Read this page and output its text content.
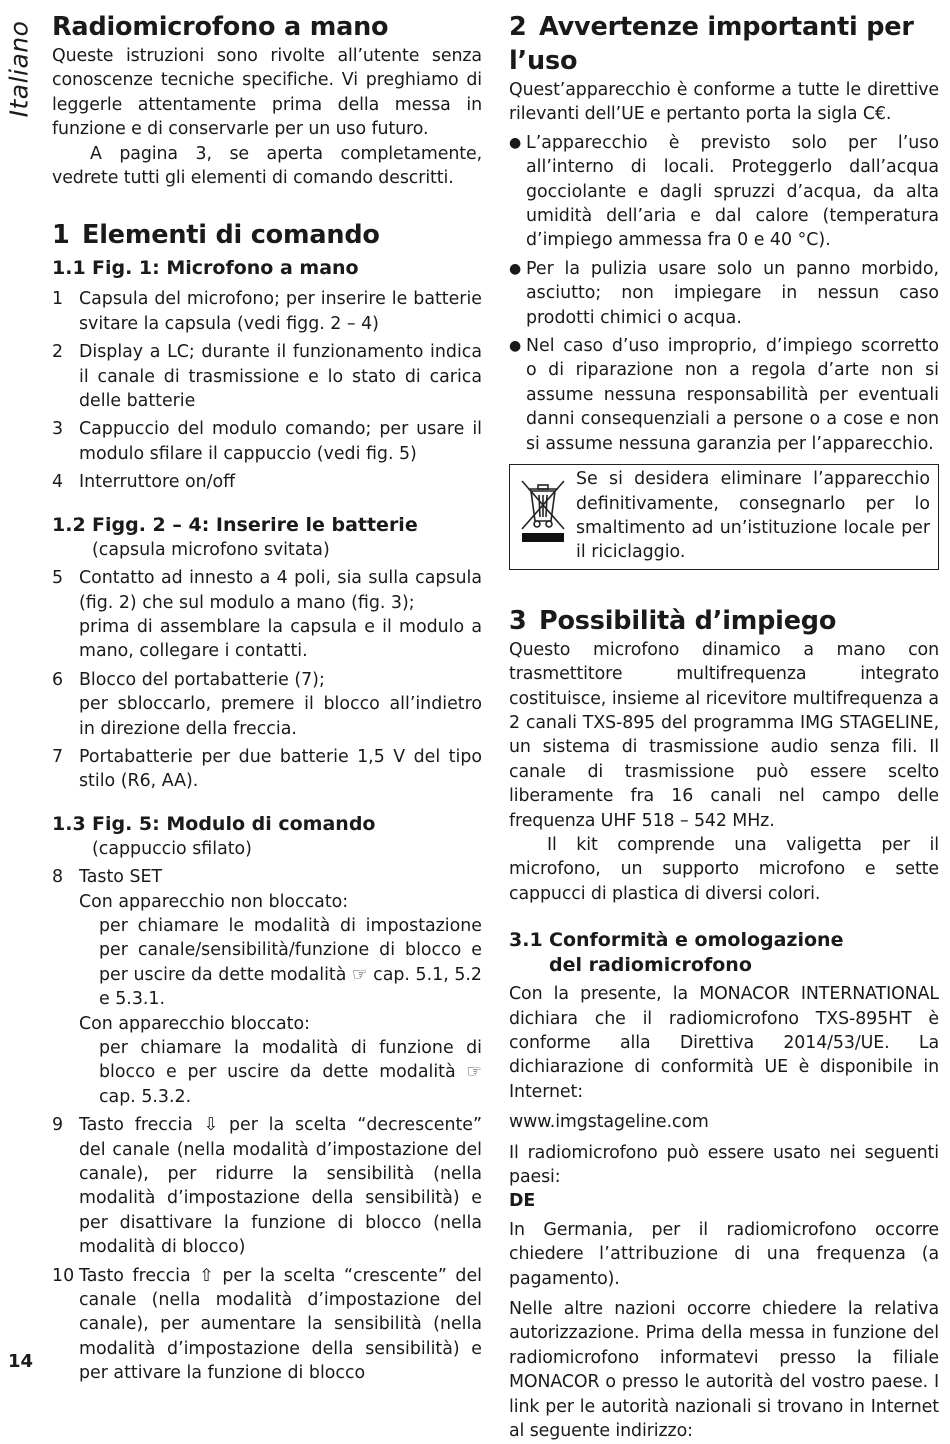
Italiano
14
Radiomicrofono a mano

Queste istruzioni sono rivolte all’utente senza conoscenze tecniche specifiche. Vi preghiamo di leggerle attentamente prima della messa in funzione e di conservarle per un uso futuro.

A pagina 3, se aperta completamente, vedrete tutti gli elementi di comando descritti.

1 Elementi di comando
1.1 Fig. 1: Microfono a mano
1 Capsula del microfono; per inserire le batterie svitare la capsula (vedi figg. 2 – 4)
2 Display a LC; durante il funzionamento indica il canale di trasmissione e lo stato di carica delle batterie
3 Cappuccio del modulo comando; per usare il modulo sfilare il cappuccio (vedi fig. 5)
4 Interruttore on/off
1.2 Figg. 2 – 4: Inserire le batterie
(capsula microfono svitata)
5 Contatto ad innesto a 4 poli, sia sulla capsula (fig. 2) che sul modulo a mano (fig. 3);
prima di assemblare la capsula e il modulo a mano, collegare i contatti.
6 Blocco del portabatterie (7);
per sbloccarlo, premere il blocco all’indietro in direzione della freccia.
7 Portabatterie per due batterie 1,5 V del tipo stilo (R6, AA).
1.3 Fig. 5: Modulo di comando
(cappuccio sfilato)
8 Tasto SET
Con apparecchio non bloccato:
per chiamare le modalità di impostazione per canale/sensibilità/funzione di blocco e per uscire da dette modalità ☞ cap. 5.1, 5.2 e 5.3.1.
Con apparecchio bloccato:
per chiamare la modalità di funzione di blocco e per uscire da dette modalità ☞ cap. 5.3.2.
9 Tasto freccia ⇩ per la scelta “decrescente” del canale (nella modalità d’impostazione del canale), per ridurre la sensibilità (nella modalità d’impostazione della sensibilità) e per disattivare la funzione di blocco (nella modalità di blocco)
10 Tasto freccia ⇧ per la scelta “crescente” del canale (nella modalità d’impostazione del canale), per aumentare la sensibilità (nella modalità d’impostazione della sensibilità) e per attivare la funzione di blocco
2 Avvertenze importanti per l’uso

Quest’apparecchio è conforme a tutte le direttive rilevanti dell’UE e pertanto porta la sigla C€.

● L’apparecchio è previsto solo per l’uso all’interno di locali. Proteggerlo dall’acqua gocciolante e dagli spruzzi d’acqua, da alta umidità dell’aria e dal calore (temperatura d’impiego ammessa fra 0 e 40 °C).
● Per la pulizia usare solo un panno morbido, asciutto; non impiegare in nessun caso prodotti chimici o acqua.
● Nel caso d’uso improprio, d’impiego scorretto o di riparazione non a regola d’arte non si assume nessuna responsabilità per eventuali danni consequenziali a persone o a cose e non si assume nessuna garanzia per l’apparecchio.
Se si desidera eliminare l’apparecchio definitivamente, consegnarlo per lo smaltimento ad un’istituzione locale per il riciclaggio.
3 Possibilità d’impiego

Questo microfono dinamico a mano con trasmettitore multifrequenza integrato costituisce, insieme al ricevitore multifrequenza a 2 canali TXS-895 del programma IMG STAGELINE, un sistema di trasmissione audio senza fili. Il canale di trasmissione può essere scelto liberamente fra 16 canali nel campo delle frequenza UHF 518 – 542 MHz.

Il kit comprende una valigetta per il microfono, un supporto microfono e sette cappucci di plastica di diversi colori.

3.1 Conformità e omologazione
del radiomicrofono

Con la presente, la MONACOR INTERNATIONAL dichiara che il radiomicrofono TXS-895HT è conforme alla Direttiva 2014/53/UE. La dichiarazione di conformità UE è disponibile in Internet:

www.imgstageline.com

Il radiomicrofono può essere usato nei seguenti paesi:

DE

In Germania, per il radiomicrofono occorre chiedere l’attribuzione di una frequenza (a pagamento).

Nelle altre nazioni occorre chiedere la relativa autorizzazione. Prima della messa in funzione del radiomicrofono informatevi presso la filiale MONACOR o presso le autorità del vostro paese. I link per le autorità nazionali si trovano in Internet al seguente indirizzo:
